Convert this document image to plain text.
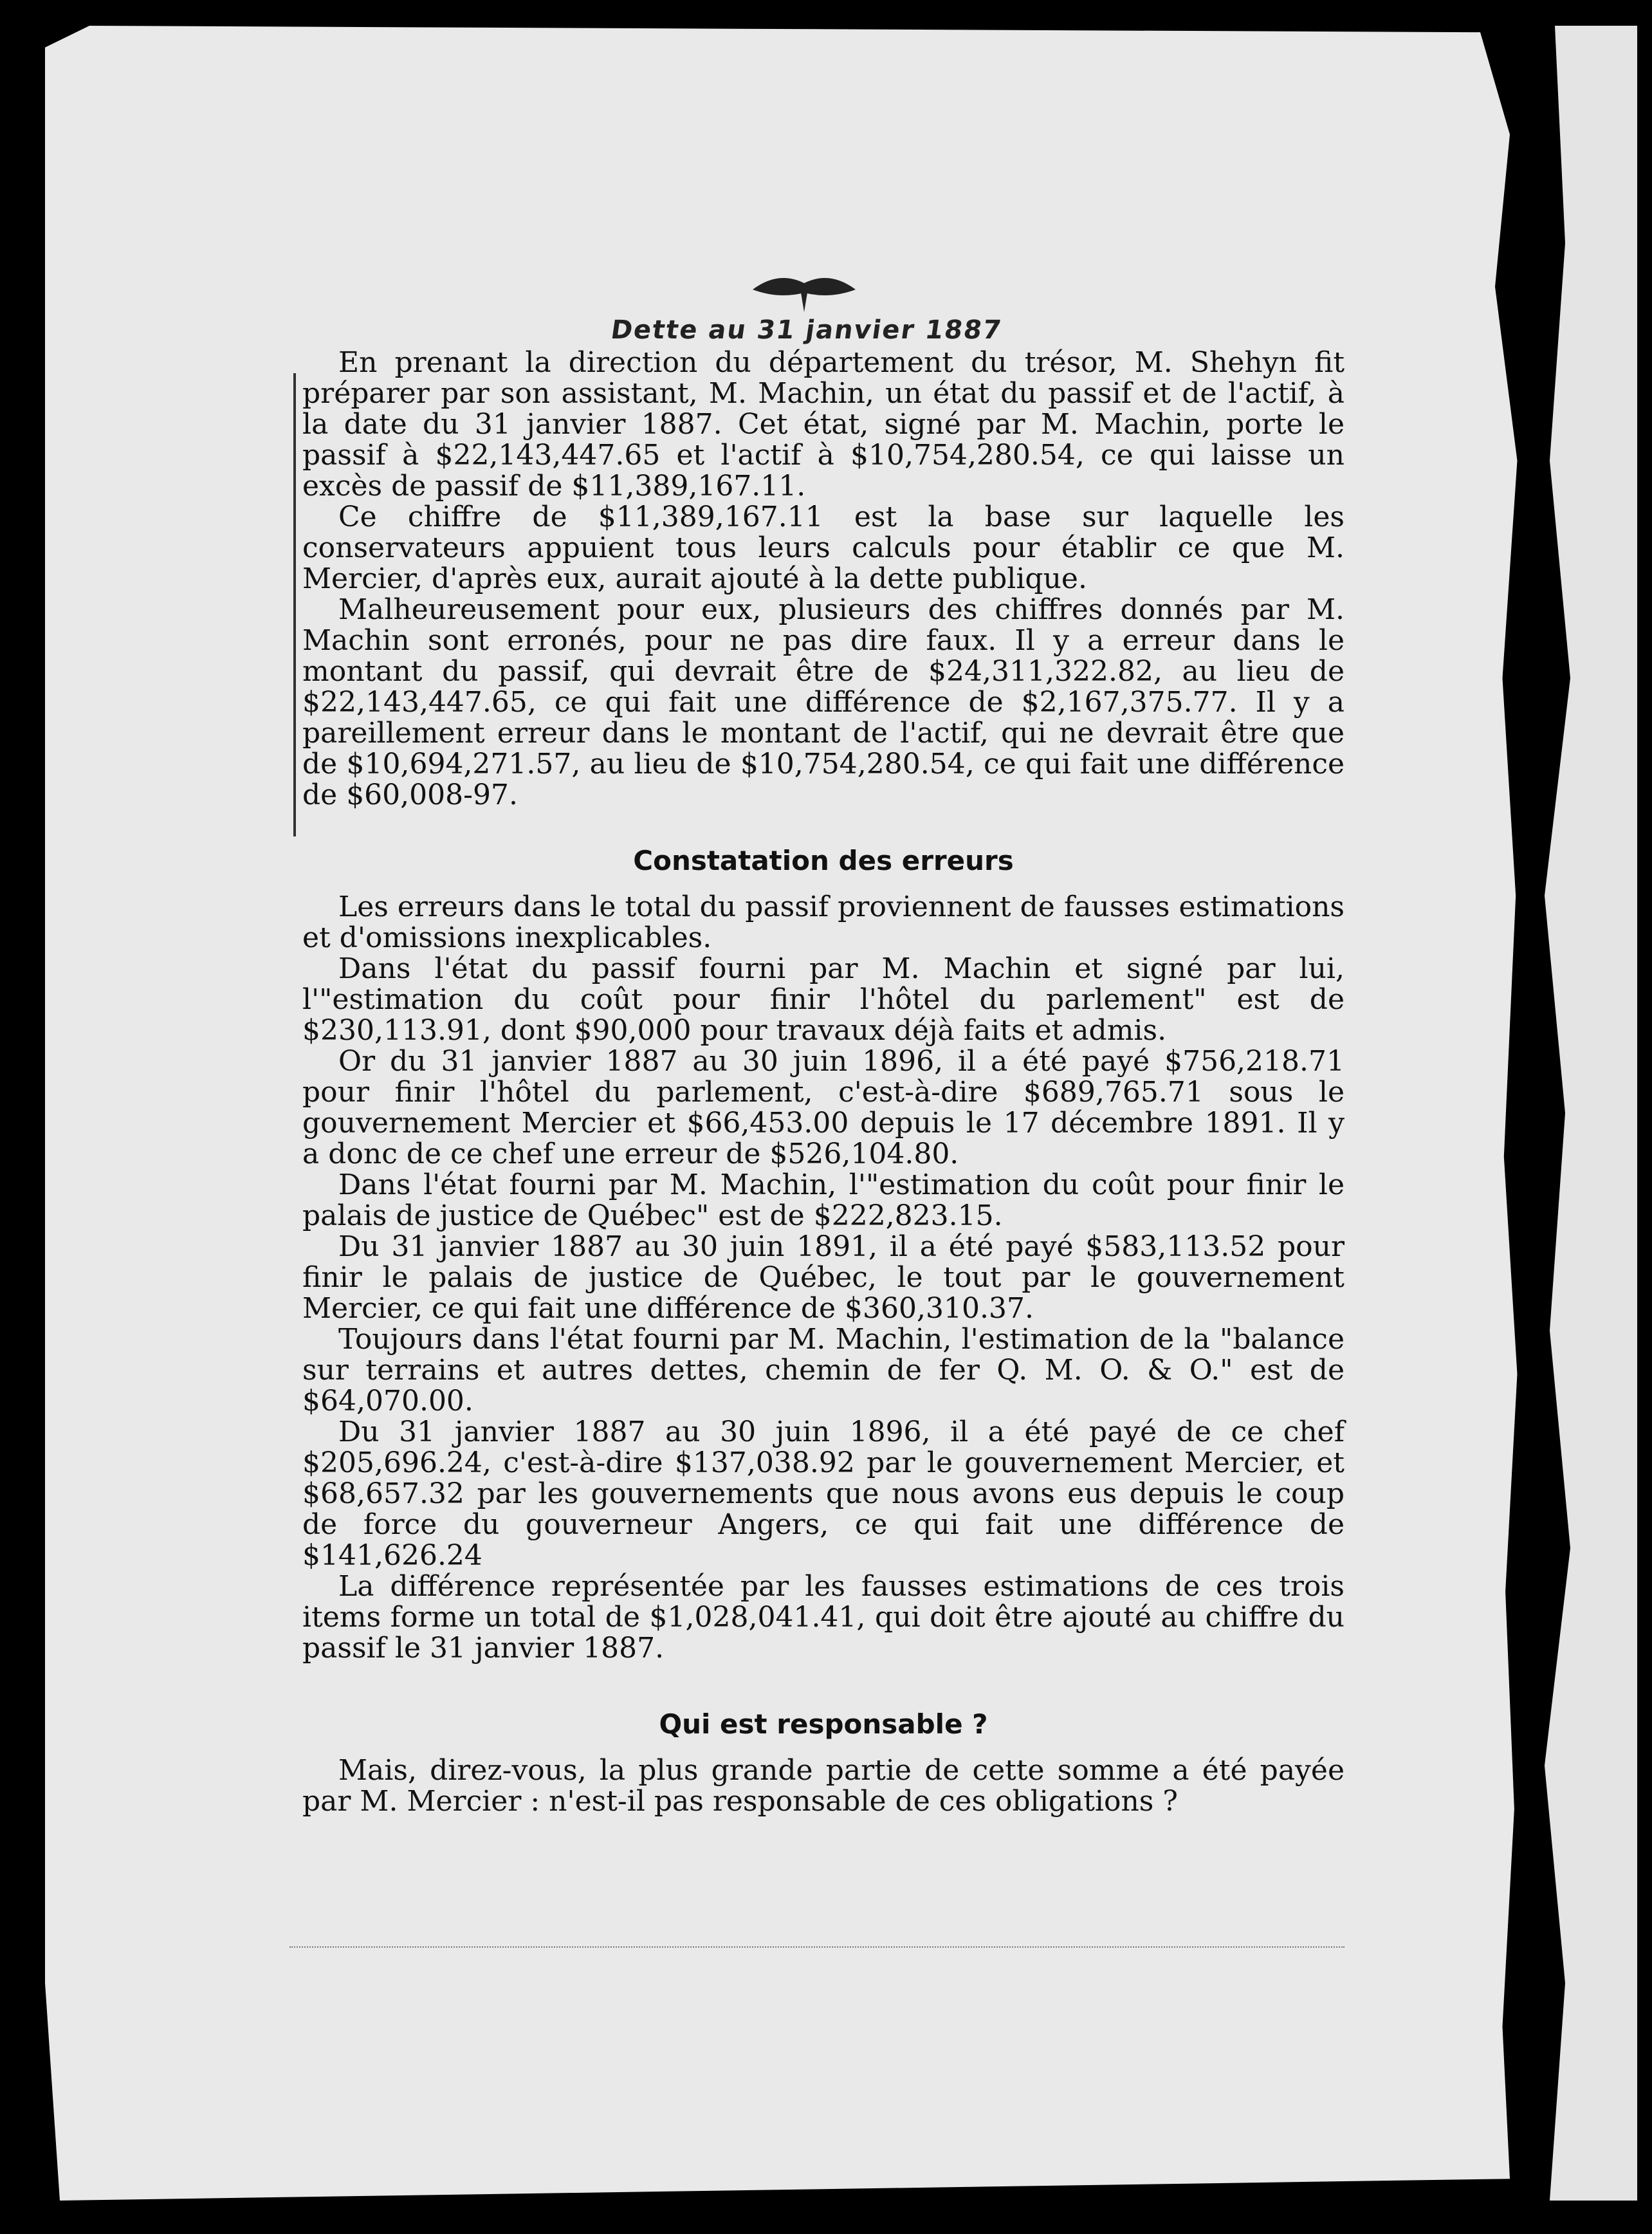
Dette au 31 janvier 1887

En prenant la direction du département du trésor, M. Shehyn fit préparer par son assistant, M. Machin, un état du passif et de l'actif, à la date du 31 janvier 1887. Cet état, signé par M. Machin, porte le passif à $22,143,447.65 et l'actif à $10,754,280.54, ce qui laisse un excès de passif de $11,389,167.11.

Ce chiffre de $11,389,167.11 est la base sur laquelle les conservateurs appuient tous leurs calculs pour établir ce que M. Mercier, d'après eux, aurait ajouté à la dette publique.

Malheureusement pour eux, plusieurs des chiffres donnés par M. Machin sont erronés, pour ne pas dire faux. Il y a erreur dans le montant du passif, qui devrait être de $24,311,322.82, au lieu de $22,143,447.65, ce qui fait une différence de $2,167,375.77. Il y a pareillement erreur dans le montant de l'actif, qui ne devrait être que de $10,694,271.57, au lieu de $10,754,280.54, ce qui fait une différence de $60,008-97.

Constatation des erreurs

Les erreurs dans le total du passif proviennent de fausses estimations et d'omissions inexplicables.

Dans l'état du passif fourni par M. Machin et signé par lui, l'"estimation du coût pour finir l'hôtel du parlement" est de $230,113.91, dont $90,000 pour travaux déjà faits et admis.

Or du 31 janvier 1887 au 30 juin 1896, il a été payé $756,218.71 pour finir l'hôtel du parlement, c'est-à-dire $689,765.71 sous le gouvernement Mercier et $66,453.00 depuis le 17 décembre 1891. Il y a donc de ce chef une erreur de $526,104.80.

Dans l'état fourni par M. Machin, l'"estimation du coût pour finir le palais de justice de Québec" est de $222,823.15.

Du 31 janvier 1887 au 30 juin 1891, il a été payé $583,113.52 pour finir le palais de justice de Québec, le tout par le gouvernement Mercier, ce qui fait une différence de $360,310.37.

Toujours dans l'état fourni par M. Machin, l'estimation de la "balance sur terrains et autres dettes, chemin de fer Q. M. O. & O." est de $64,070.00.

Du 31 janvier 1887 au 30 juin 1896, il a été payé de ce chef $205,696.24, c'est-à-dire $137,038.92 par le gouvernement Mercier, et $68,657.32 par les gouvernements que nous avons eus depuis le coup de force du gouverneur Angers, ce qui fait une différence de $141,626.24

La différence représentée par les fausses estimations de ces trois items forme un total de $1,028,041.41, qui doit être ajouté au chiffre du passif le 31 janvier 1887.

Qui est responsable ?

Mais, direz-vous, la plus grande partie de cette somme a été payée par M. Mercier : n'est-il pas responsable de ces obligations ?
